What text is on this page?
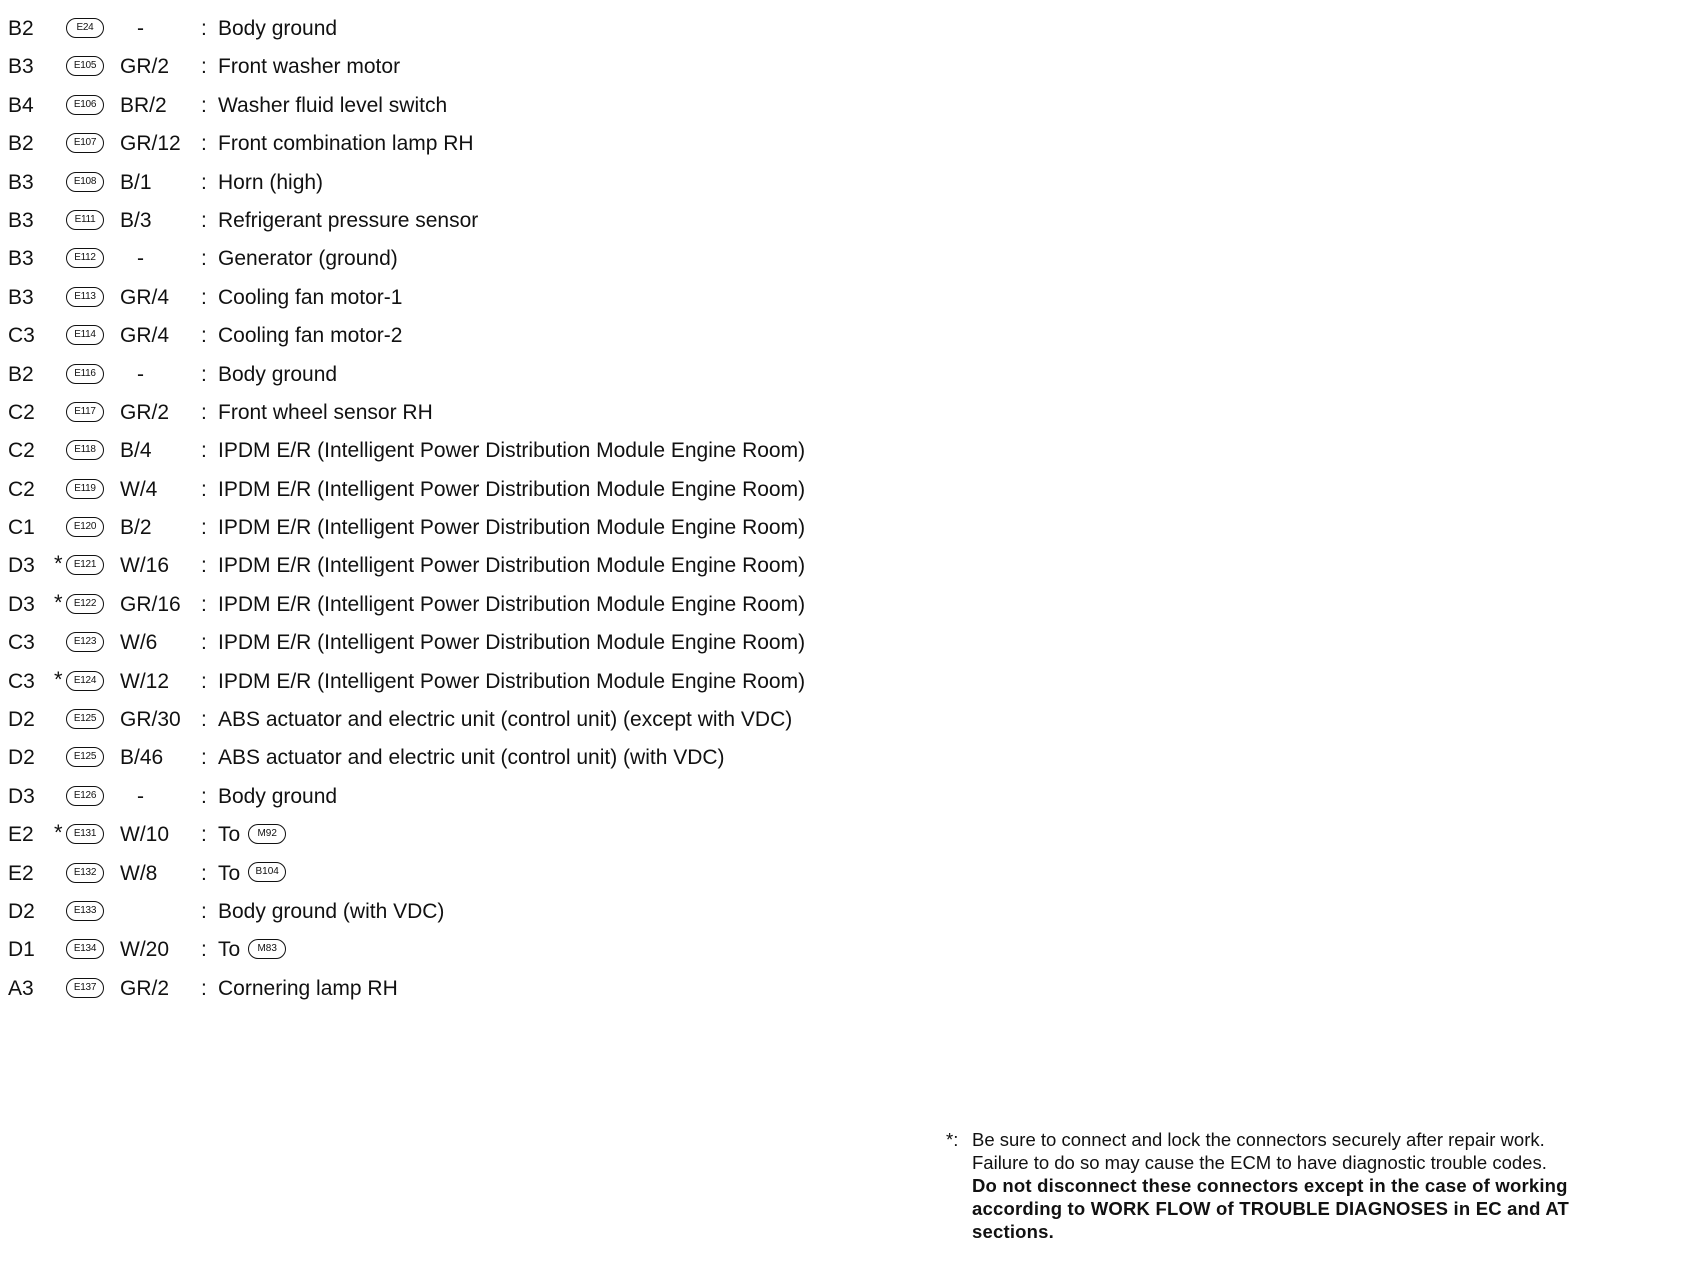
B2	E24	-	: Body ground
B3	E105	GR/2 : Front washer motor
B4	E106	BR/2 : Washer fluid level switch
B2	E107	GR/12 : Front combination lamp RH
B3	E108	B/1 : Horn (high)
B3	E111	B/3 : Refrigerant pressure sensor
B3	E112	-	: Generator (ground)
B3	E113	GR/4 : Cooling fan motor-1
C3	E114	GR/4 : Cooling fan motor-2
B2	E116	-	: Body ground
C2	E117	GR/2 : Front wheel sensor RH
C2	E118	B/4 : IPDM E/R (Intelligent Power Distribution Module Engine Room)
C2	E119	W/4 : IPDM E/R (Intelligent Power Distribution Module Engine Room)
C1	E120	B/2 : IPDM E/R (Intelligent Power Distribution Module Engine Room)
D3 *	E121	W/16 : IPDM E/R (Intelligent Power Distribution Module Engine Room)
D3 *	E122	GR/16 : IPDM E/R (Intelligent Power Distribution Module Engine Room)
C3	E123	W/6 : IPDM E/R (Intelligent Power Distribution Module Engine Room)
C3 *	E124	W/12 : IPDM E/R (Intelligent Power Distribution Module Engine Room)
D2	E125	GR/30 : ABS actuator and electric unit (control unit) (except with VDC)
D2	E125	B/46 : ABS actuator and electric unit (control unit) (with VDC)
D3	E126	-	: Body ground
E2 *	E131	W/10 : To M92
E2	E132	W/8 : To B104
D2	E133	: Body ground (with VDC)
D1	E134	W/20 : To M83
A3	E137	GR/2 : Cornering lamp RH
*: Be sure to connect and lock the connectors securely after repair work.
Failure to do so may cause the ECM to have diagnostic trouble codes.
Do not disconnect these connectors except in the case of working
according to WORK FLOW of TROUBLE DIAGNOSES in EC and AT
sections.
